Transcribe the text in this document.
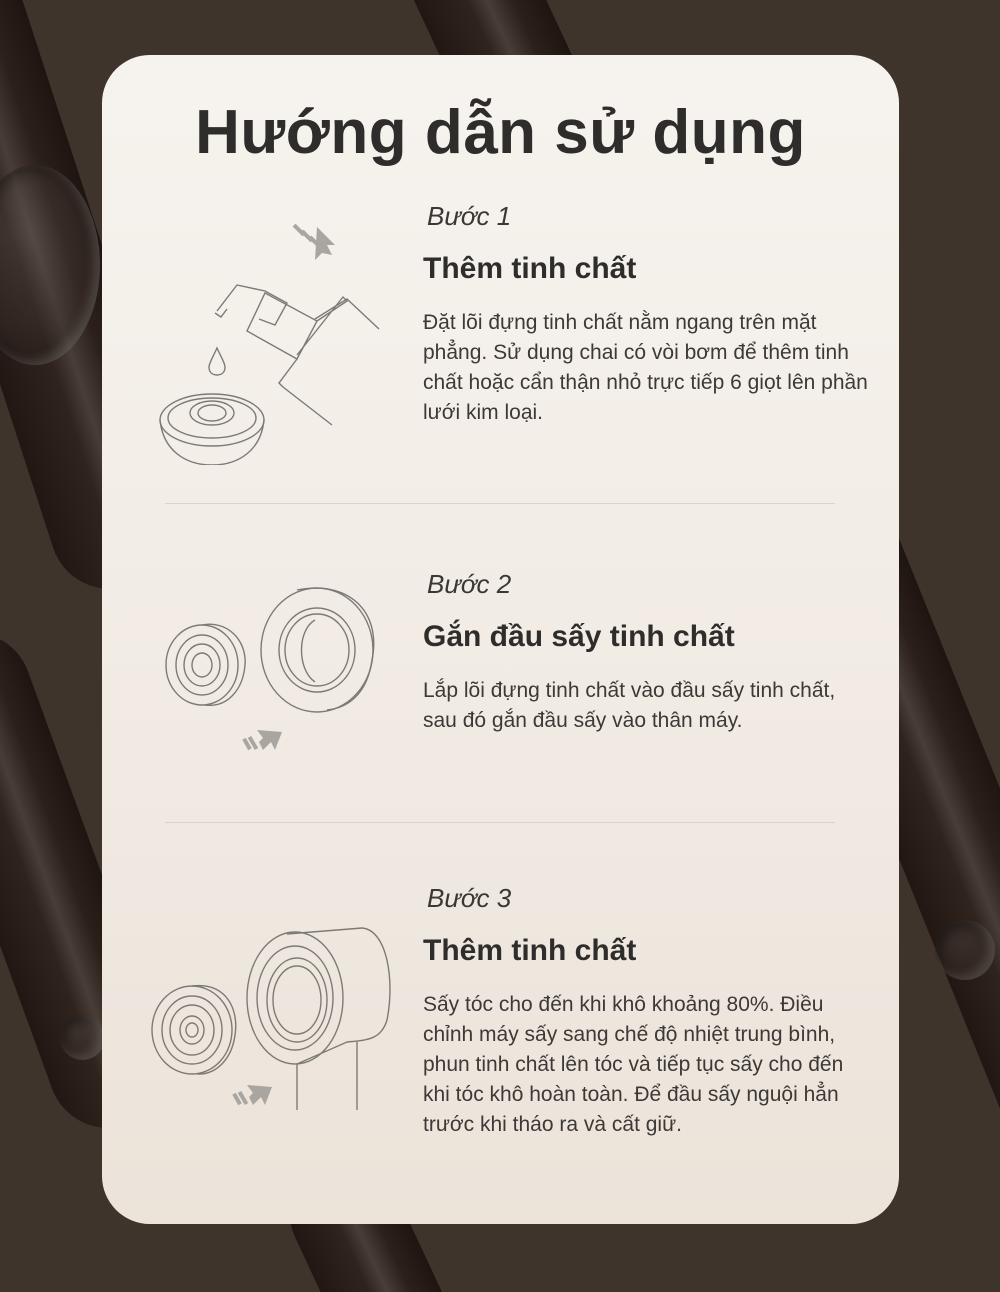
Hướng dẫn sử dụng

Bước 1

Thêm tinh chất

Đặt lõi đựng tinh chất nằm ngang trên mặt phẳng. Sử dụng chai có vòi bơm để thêm tinh chất hoặc cẩn thận nhỏ trực tiếp 6 giọt lên phần lưới kim loại.

Bước 2

Gắn đầu sấy tinh chất

Lắp lõi đựng tinh chất vào đầu sấy tinh chất, sau đó gắn đầu sấy vào thân máy.

Bước 3

Thêm tinh chất

Sấy tóc cho đến khi khô khoảng 80%. Điều chỉnh máy sấy sang chế độ nhiệt trung bình, phun tinh chất lên tóc và tiếp tục sấy cho đến khi tóc khô hoàn toàn. Để đầu sấy nguội hẳn trước khi tháo ra và cất giữ.
